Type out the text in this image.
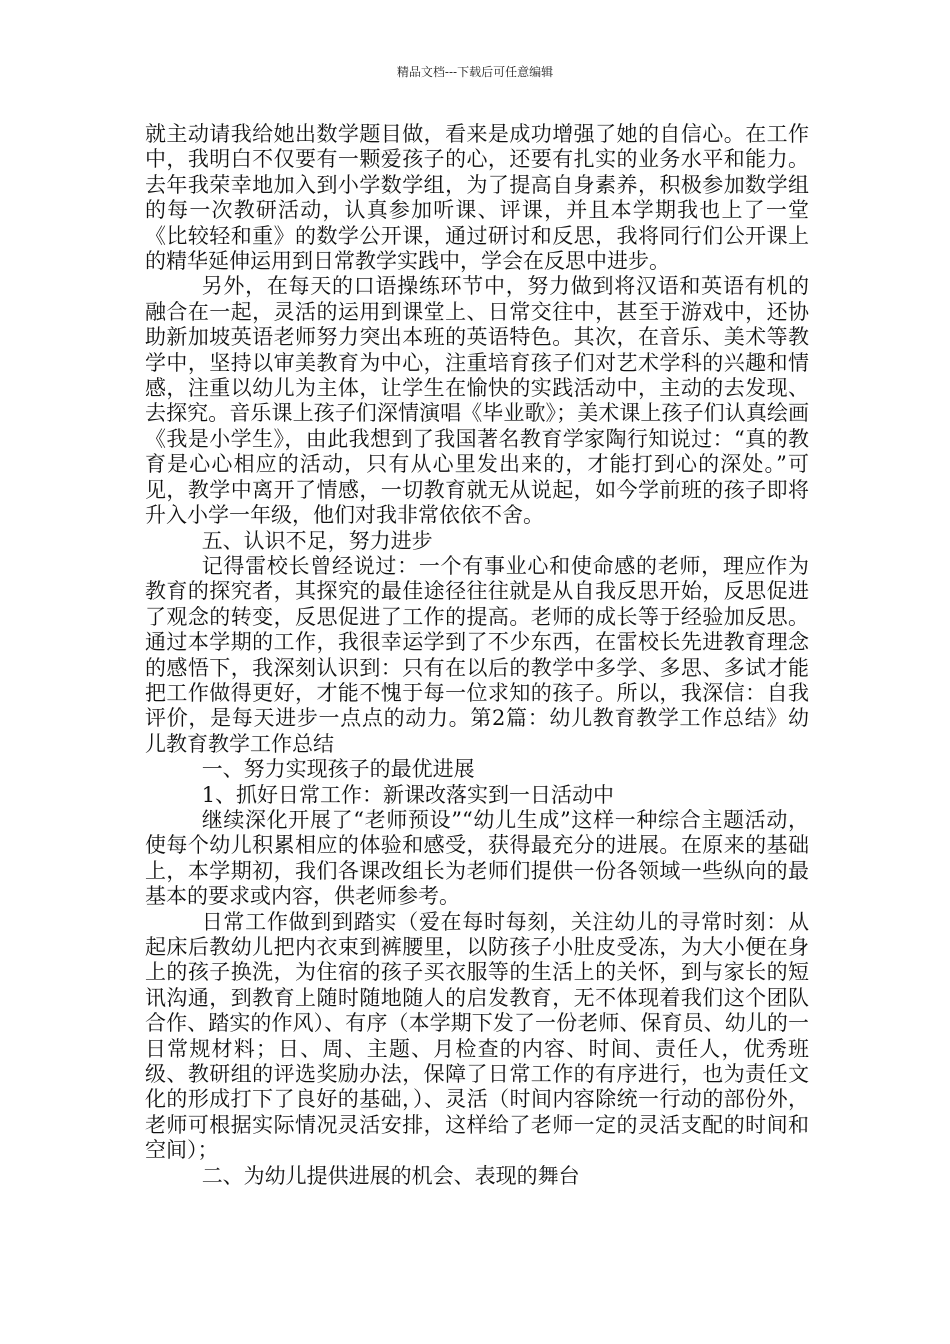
精品文档---下载后可任意编辑

就主动请我给她出数学题目做，看来是成功增强了她的自信心。在工作中，我明白不仅要有一颗爱孩子的心，还要有扎实的业务水平和能力。去年我荣幸地加入到小学数学组，为了提高自身素养，积极参加数学组的每一次教研活动，认真参加听课、评课，并且本学期我也上了一堂《比较轻和重》的数学公开课，通过研讨和反思，我将同行们公开课上的精华延伸运用到日常教学实践中，学会在反思中进步。

另外，在每天的口语操练环节中，努力做到将汉语和英语有机的融合在一起，灵活的运用到课堂上、日常交往中，甚至于游戏中，还协助新加坡英语老师努力突出本班的英语特色。其次，在音乐、美术等教学中，坚持以审美教育为中心，注重培育孩子们对艺术学科的兴趣和情感，注重以幼儿为主体，让学生在愉快的实践活动中，主动的去发现、去探究。音乐课上孩子们深情演唱《毕业歌》；美术课上孩子们认真绘画《我是小学生》，由此我想到了我国著名教育学家陶行知说过：“真的教育是心心相应的活动，只有从心里发出来的，才能打到心的深处。”可见，教学中离开了情感，一切教育就无从说起，如今学前班的孩子即将升入小学一年级，他们对我非常依依不舍。

五、认识不足，努力进步

记得雷校长曾经说过：一个有事业心和使命感的老师，理应作为教育的探究者，其探究的最佳途径往往就是从自我反思开始，反思促进了观念的转变，反思促进了工作的提高。老师的成长等于经验加反思。通过本学期的工作，我很幸运学到了不少东西，在雷校长先进教育理念的感悟下，我深刻认识到：只有在以后的教学中多学、多思、多试才能把工作做得更好，才能不愧于每一位求知的孩子。所以，我深信：自我评价，是每天进步一点点的动力。第2篇：幼儿教育教学工作总结》幼儿教育教学工作总结

一、努力实现孩子的最优进展

1、抓好日常工作：新课改落实到一日活动中

继续深化开展了“老师预设”“幼儿生成”这样一种综合主题活动，使每个幼儿积累相应的体验和感受，获得最充分的进展。在原来的基础上，本学期初，我们各课改组长为老师们提供一份各领域一些纵向的最基本的要求或内容，供老师参考。

日常工作做到到踏实（爱在每时每刻，关注幼儿的寻常时刻：从起床后教幼儿把内衣束到裤腰里，以防孩子小肚皮受冻，为大小便在身上的孩子换洗，为住宿的孩子买衣服等的生活上的关怀，到与家长的短讯沟通，到教育上随时随地随人的启发教育，无不体现着我们这个团队合作、踏实的作风）、有序（本学期下发了一份老师、保育员、幼儿的一日常规材料；日、周、主题、月检查的内容、时间、责任人，优秀班级、教研组的评选奖励办法，保障了日常工作的有序进行，也为责任文化的形成打下了良好的基础，）、灵活（时间内容除统一行动的部份外，老师可根据实际情况灵活安排，这样给了老师一定的灵活支配的时间和空间）；

二、为幼儿提供进展的机会、表现的舞台
